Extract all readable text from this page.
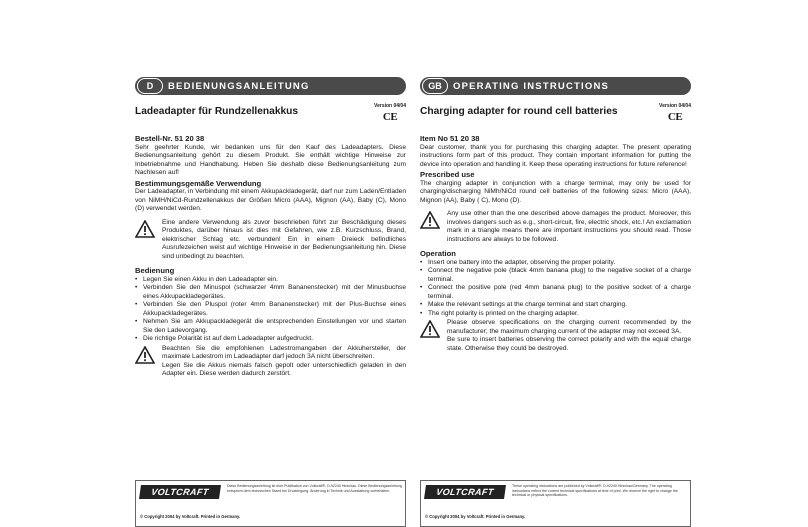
D	BEDIENUNGSANLEITUNG
Ladeadapter für Rundzellenakkus	Version 04/04
CE
Bestell-Nr. 51 20 38
Sehr geehrter Kunde, wir bedanken uns für den Kauf des Ladeadapters. Diese Bedienungsanleitung gehört zu diesem Produkt. Sie enthält wichtige Hinweise zur Inbetriebnahme und Handhabung. Heben Sie deshalb diese Bedienungsanleitung zum Nachlesen auf!
Bestimmungsgemäße Verwendung
Der Ladeadapter, in Verbindung mit einem Akkupackladegerät, darf nur zum Laden/Entladen von NiMH/NiCd-Rundzellenakkus der Größen Micro (AAA), Mignon (AA), Baby (C), Mono (D) verwendet werden.
Eine andere Verwendung als zuvor beschrieben führt zur Beschädigung dieses Produktes, darüber hinaus ist dies mit Gefahren, wie z.B. Kurzschluss, Brand, elektrischer Schlag etc. verbunden! Ein in einem Dreieck befindliches Ausrufezeichen weist auf wichtige Hinweise in der Bedienungsanleitung hin. Diese sind unbedingt zu beachten.
Bedienung
• Legen Sie einen Akku in den Ladeadapter ein.
• Verbinden Sie den Minuspol (schwarzer 4mm Bananenstecker) mit der Minusbuchse eines Akkupackladegerätes.
• Verbinden Sie den Pluspol (roter 4mm Bananenstecker) mit der Plus-Buchse eines Akkupackladegerätes.
• Nehmen Sie am Akkupackladegerät die entsprechenden Einstellungen vor und starten Sie den Ladevorgang.
• Die richtige Polarität ist auf dem Ladeadapter aufgedruckt.
Beachten Sie die empfohlenen Ladestromangaben der Akkuhersteller, der maximale Ladestrom im Ladeadapter darf jedoch 3A nicht überschreiten.
Legen Sie die Akkus niemals falsch gepolt oder unterschiedlich geladen in den Adapter ein. Diese werden dadurch zerstört.
VOLTCRAFT
Diese Bedienungsanleitung ist eine Publikation von Voltcraft®. D-92240 Hirschau. Diese Bedienungsanleitung entspricht dem technischen Stand bei Drucklegung. Änderung in Technik und Ausstattung vorbehalten.
© Copyright 2004 by Voltcraft. Printed in Germany.
GB	OPERATING INSTRUCTIONS
Charging adapter for round cell batteries	Version 04/04
CE
Item No 51 20 38
Dear customer, thank you for purchasing this charging adapter. The present operating instructions form part of this product. They contain important information for putting the device into operation and handling it. Keep these operating instructions for future reference!
Prescribed use
The charging adapter in conjunction with a charge terminal, may only be used for charging/discharging NiMh/NiCd round cell batteries of the following sizes: Micro (AAA), Mignon (AA), Baby ( C), Mono (D).
Any use other than the one described above damages the product. Moreover, this involves dangers such as e.g., short-circuit, fire, electric shock, etc.! An exclamation mark in a triangle means there are important instructions you should read. Those instructions are always to be followed.
Operation
• Insert one battery into the adapter, observing the proper polarity.
• Connect the negative pole (black 4mm banana plug) to the negative socket of a charge terminal.
• Connect the positive pole (red 4mm banana plug) to the positive socket of a charge terminal.
• Make the relevant settings at the charge terminal and start charging.
• The right polarity is printed on the charging adapter.
Please observe specifications on the charging current recommended by the manufacturer; the maximum charging current of the adapter may not exceed 3A.
Be sure to insert batteries observing the correct polarity and with the equal charge state. Otherwise they could be destroyed.
VOLTCRAFT
These operating instructions are published by Voltcraft®. D-92240 Hirschau/Germany. The operating instructions reflect the current technical specifications at time of print. We reserve the right to change the technical or physical specifications.
© Copyright 2004 by Voltcraft. Printed in Germany.
